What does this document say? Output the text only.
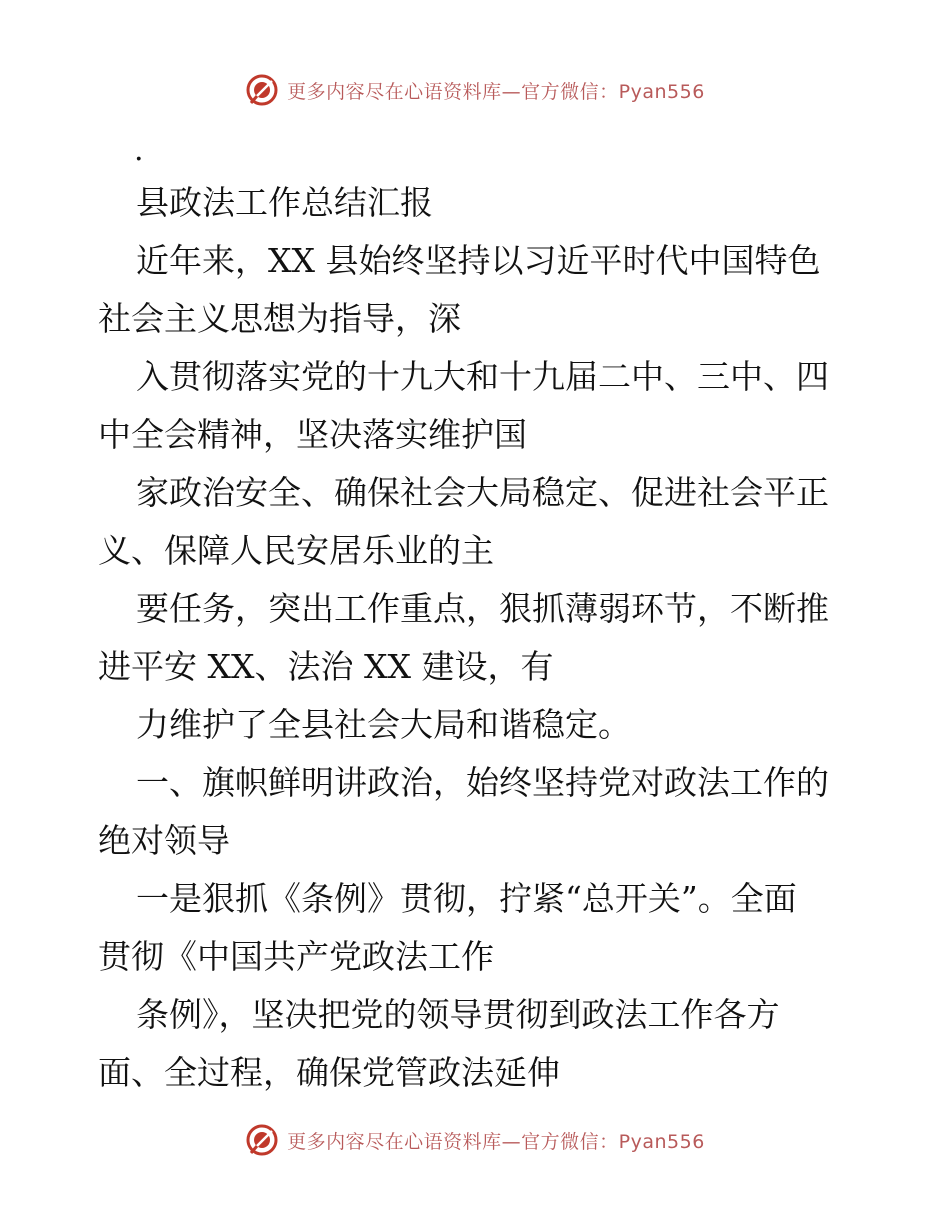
更多内容尽在心语资料库—官方微信：Pyan556
.
县政法工作总结汇报
近年来，XX 县始终坚持以习近平时代中国特色
社会主义思想为指导，深
入贯彻落实党的十九大和十九届二中、三中、四
中全会精神，坚决落实维护国
家政治安全、确保社会大局稳定、促进社会平正
义、保障人民安居乐业的主
要任务，突出工作重点，狠抓薄弱环节，不断推
进平安 XX、法治 XX 建设，有
力维护了全县社会大局和谐稳定。
一、旗帜鲜明讲政治，始终坚持党对政法工作的
绝对领导
一是狠抓《条例》贯彻，拧紧“总开关”。全面
贯彻《中国共产党政法工作
条例》，坚决把党的领导贯彻到政法工作各方
面、全过程，确保党管政法延伸
更多内容尽在心语资料库—官方微信：Pyan556
